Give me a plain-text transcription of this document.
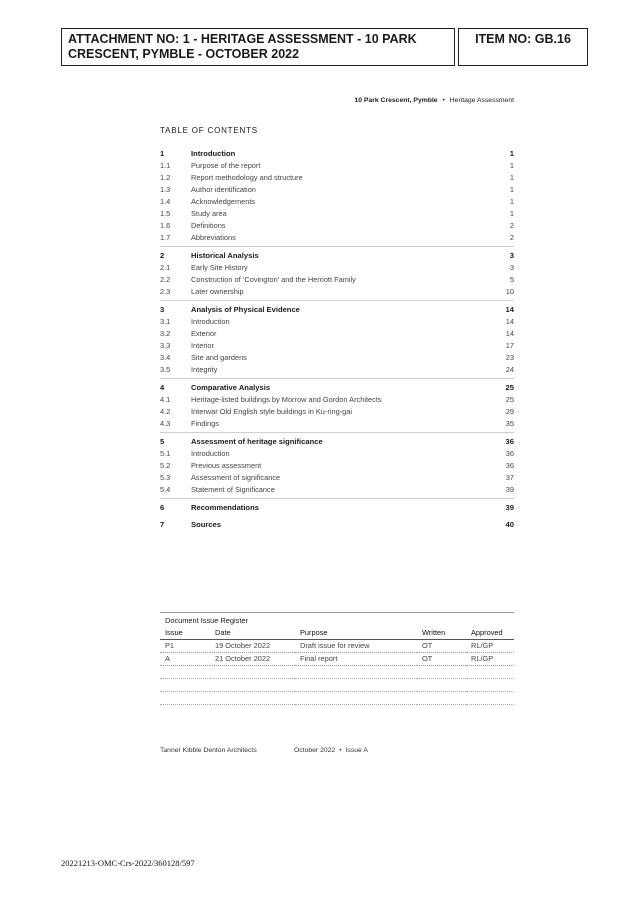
ATTACHMENT NO: 1 - HERITAGE ASSESSMENT - 10 PARK CRESCENT, PYMBLE - OCTOBER 2022
ITEM NO: GB.16
10 Park Crescent, Pymble • Heritage Assessment
TABLE OF CONTENTS
1	Introduction	1
1.1	Purpose of the report	1
1.2	Report methodology and structure	1
1.3	Author identification	1
1.4	Acknowledgements	1
1.5	Study area	1
1.6	Definitions	2
1.7	Abbreviations	2
2	Historical Analysis	3
2.1	Early Site History	3
2.2	Construction of ‘Covington’ and the Herriott Family	5
2.3	Later ownership	10
3	Analysis of Physical Evidence	14
3.1	Introduction	14
3.2	Exterior	14
3.3	Interior	17
3.4	Site and gardens	23
3.5	Integrity	24
4	Comparative Analysis	25
4.1	Heritage-listed buildings by Morrow and Gordon Architects	25
4.2	Interwar Old English style buildings in Ku-ring-gai	29
4.3	Findings	35
5	Assessment of heritage significance	36
5.1	Introduction	36
5.2	Previous assessment	36
5.3	Assessment of significance	37
5.4	Statement of Significance	39
6	Recommendations	39
7	Sources	40
Document Issue Register
Issue	Date	Purpose	Written	Approved
P1	19 October 2022	Draft issue for review	OT	RL/GP
A	21 October 2022	Final report	OT	RL/GP

Tanner Kibble Denton Architects	October 2022 • Issue A
20221213-OMC-Crs-2022/360128/597
